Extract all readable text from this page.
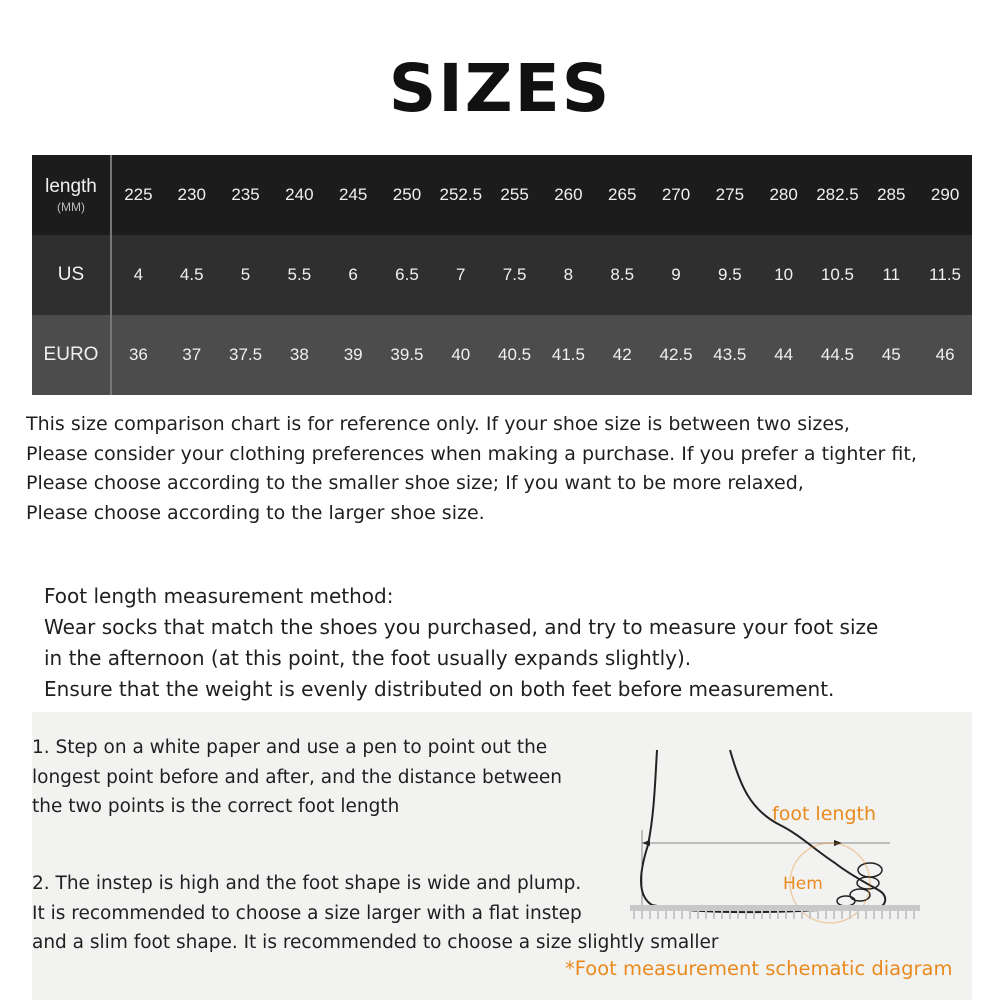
SIZES
length
(MM)	225	230	235	240	245	250	252.5	255	260	265	270	275	280	282.5	285	290
US	4	4.5	5	5.5	6	6.5	7	7.5	8	8.5	9	9.5	10	10.5	11	11.5
EURO	36	37	37.5	38	39	39.5	40	40.5	41.5	42	42.5	43.5	44	44.5	45	46
This size comparison chart is for reference only. If your shoe size is between two sizes,
Please consider your clothing preferences when making a purchase. If you prefer a tighter fit,
Please choose according to the smaller shoe size; If you want to be more relaxed,
Please choose according to the larger shoe size.
Foot length measurement method:
Wear socks that match the shoes you purchased, and try to measure your foot size
in the afternoon (at this point, the foot usually expands slightly).
Ensure that the weight is evenly distributed on both feet before measurement.
1. Step on a white paper and use a pen to point out the
longest point before and after, and the distance between
the two points is the correct foot length
2. The instep is high and the foot shape is wide and plump.
It is recommended to choose a size larger with a flat instep
and a slim foot shape. It is recommended to choose a size slightly smaller
foot length
Hem
*Foot measurement schematic diagram
